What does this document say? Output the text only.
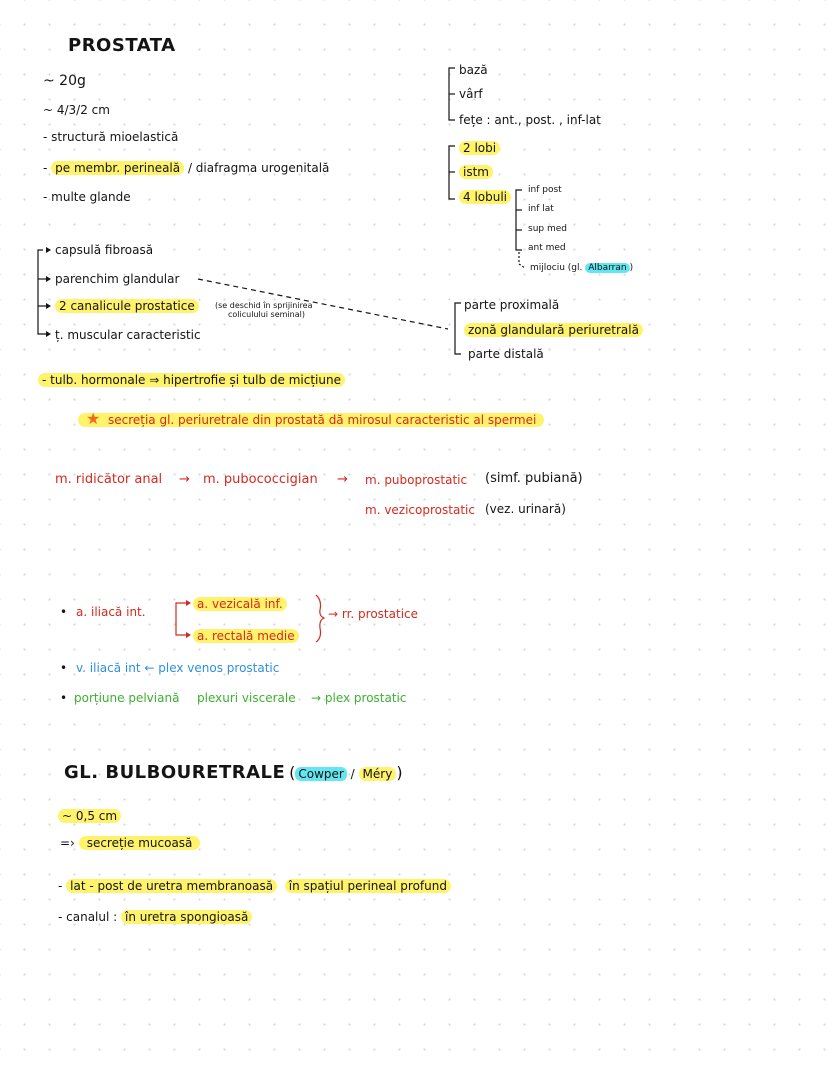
PROSTATA
~ 20g
~ 4/3/2 cm
- structură mioelastică
- pe membr. perineală / diafragma urogenitală
- multe glande
bază
vârf
fețe : ant., post. , inf-lat
2 lobi
istm
4 lobuli	inf post
inf lat
sup med
ant med
mijlociu (gl. Albarran )
capsulă fibroasă
parenchim glandular
2 canalicule prostatice	(se deschid în sprijinirea
coliculului seminal)
ț. muscular caracteristic
parte proximală
zonă glandulară periuretrală
parte distală
- tulb. hormonale ⇒ hipertrofie și tulb de micțiune
★ secreția gl. periuretrale din prostată dă mirosul caracteristic al spermei
m. ridicător anal → m. pubococcigian → m. puboprostatic (simf. pubiană)
m. vezicoprostatic (vez. urinară)
• a. iliacă int.
a. vezicală inf.
a. rectală medie
→ rr. prostatice
• v. iliacă int ← plex venos prostatic
• porțiune pelviană plexuri viscerale → plex prostatic
GL. BULBOURETRALE ( Cowper / Méry )
~ 0,5 cm
=› secreție mucoasă
- lat - post de uretra membranoasă în spațiul perineal profund
- canalul : în uretra spongioasă
